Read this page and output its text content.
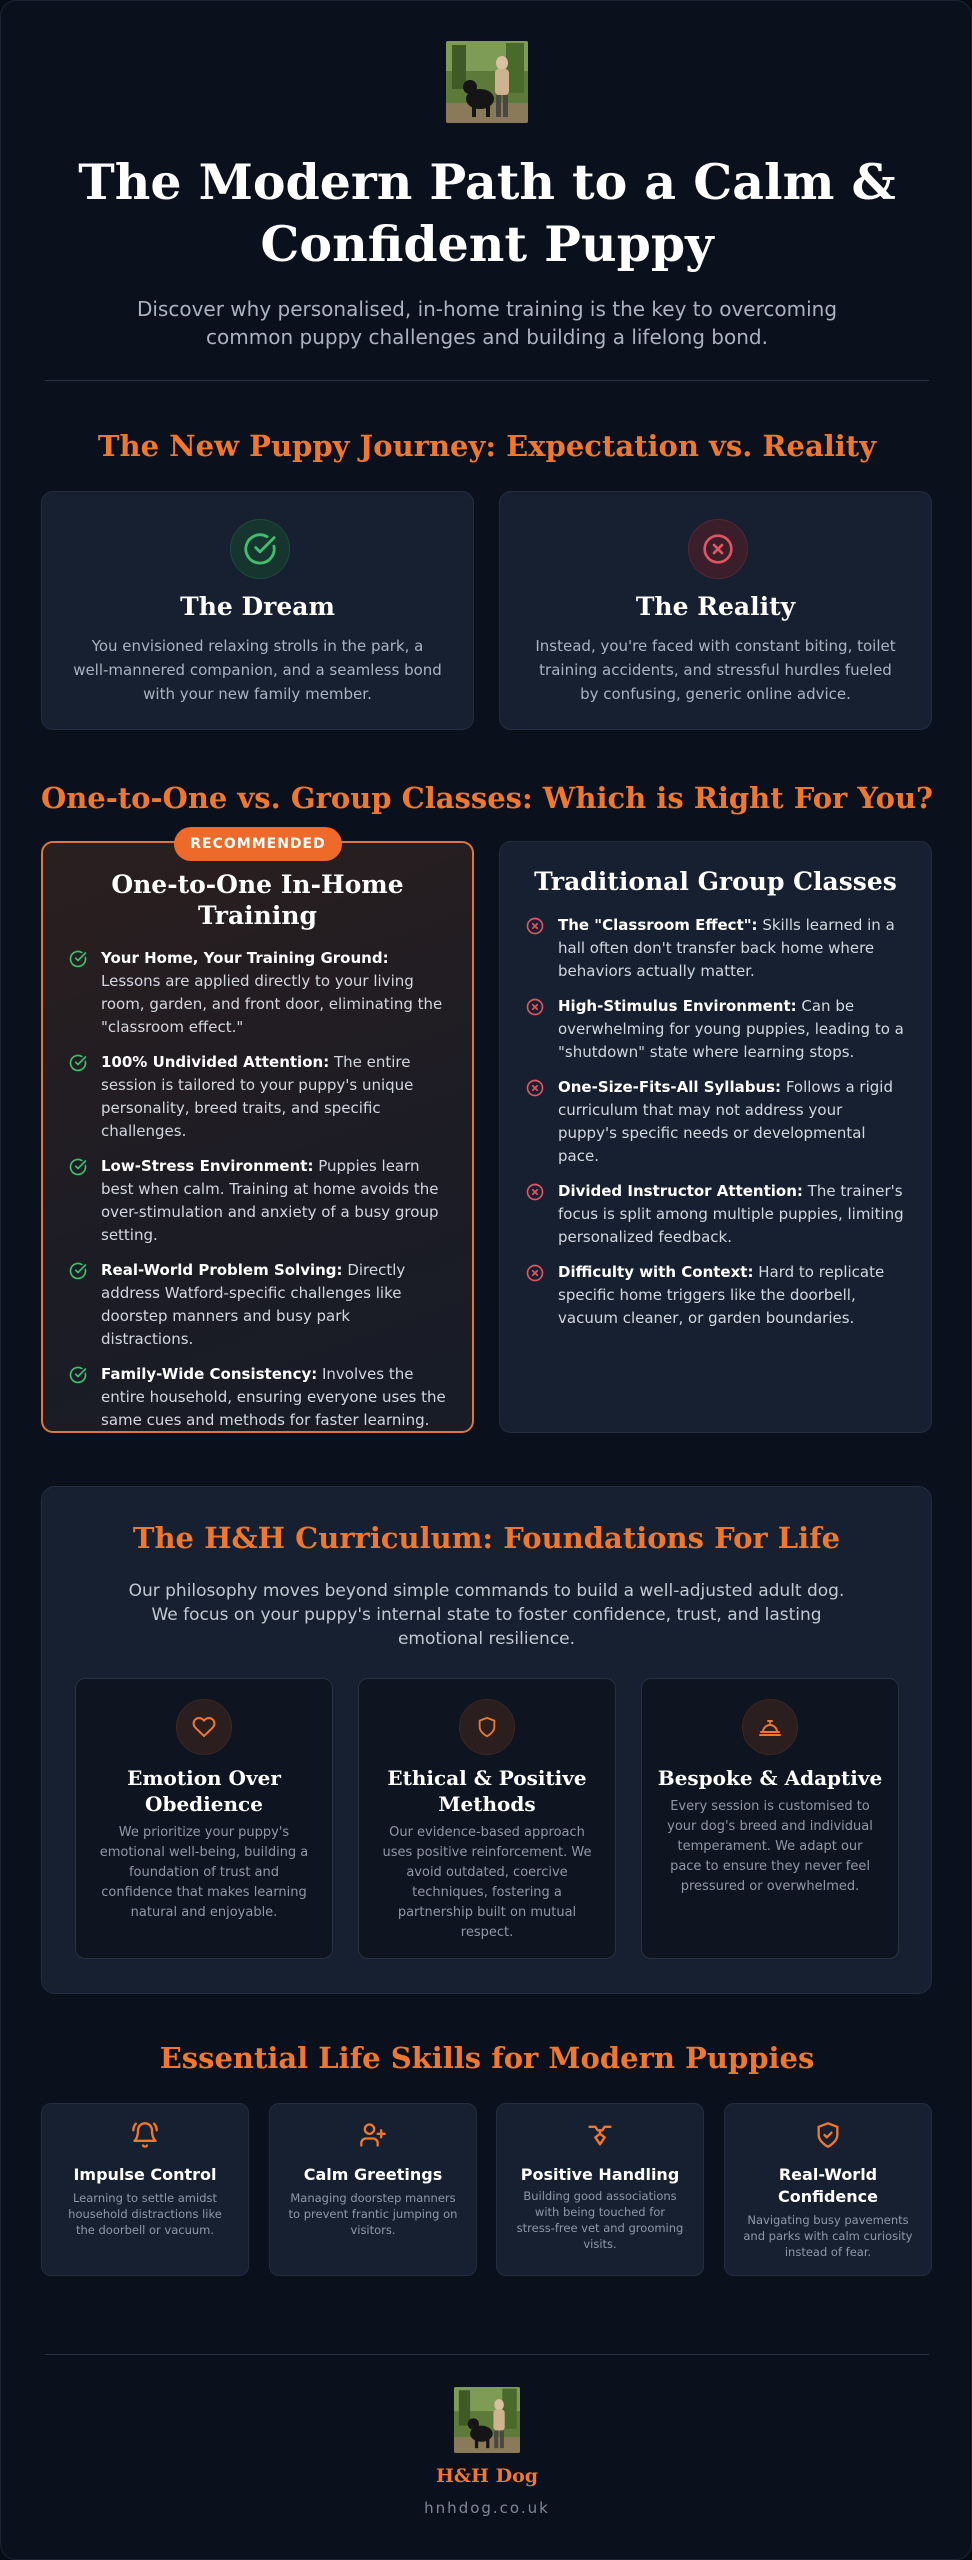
The Modern Path to a Calm & Confident Puppy

Discover why personalised, in-home training is the key to overcoming common puppy challenges and building a lifelong bond.

The New Puppy Journey: Expectation vs. Reality
The Dream

You envisioned relaxing strolls in the park, a well-mannered companion, and a seamless bond with your new family member.

The Reality

Instead, you're faced with constant biting, toilet training accidents, and stressful hurdles fueled by confusing, generic online advice.

One-to-One vs. Group Classes: Which is Right For You?
RECOMMENDED
One-to-One In-Home Training
Your Home, Your Training Ground: Lessons are applied directly to your living room, garden, and front door, eliminating the "classroom effect."
100% Undivided Attention: The entire session is tailored to your puppy's unique personality, breed traits, and specific challenges.
Low-Stress Environment: Puppies learn best when calm. Training at home avoids the over-stimulation and anxiety of a busy group setting.
Real-World Problem Solving: Directly address Watford-specific challenges like doorstep manners and busy park distractions.
Family-Wide Consistency: Involves the entire household, ensuring everyone uses the same cues and methods for faster learning.
Traditional Group Classes
The "Classroom Effect": Skills learned in a hall often don't transfer back home where behaviors actually matter.
High-Stimulus Environment: Can be overwhelming for young puppies, leading to a "shutdown" state where learning stops.
One-Size-Fits-All Syllabus: Follows a rigid curriculum that may not address your puppy's specific needs or developmental pace.
Divided Instructor Attention: The trainer's focus is split among multiple puppies, limiting personalized feedback.
Difficulty with Context: Hard to replicate specific home triggers like the doorbell, vacuum cleaner, or garden boundaries.
The H&H Curriculum: Foundations For Life

Our philosophy moves beyond simple commands to build a well-adjusted adult dog. We focus on your puppy's internal state to foster confidence, trust, and lasting emotional resilience.

Emotion Over Obedience

We prioritize your puppy's emotional well-being, building a foundation of trust and confidence that makes learning natural and enjoyable.

Ethical & Positive Methods

Our evidence-based approach uses positive reinforcement. We avoid outdated, coercive techniques, fostering a partnership built on mutual respect.

Bespoke & Adaptive

Every session is customised to your dog's breed and individual temperament. We adapt our pace to ensure they never feel pressured or overwhelmed.

Essential Life Skills for Modern Puppies
Impulse Control

Learning to settle amidst household distractions like the doorbell or vacuum.

Calm Greetings

Managing doorstep manners to prevent frantic jumping on visitors.

Positive Handling

Building good associations with being touched for stress-free vet and grooming visits.

Real-World Confidence

Navigating busy pavements and parks with calm curiosity instead of fear.

H&H Dog
hnhdog.co.uk
